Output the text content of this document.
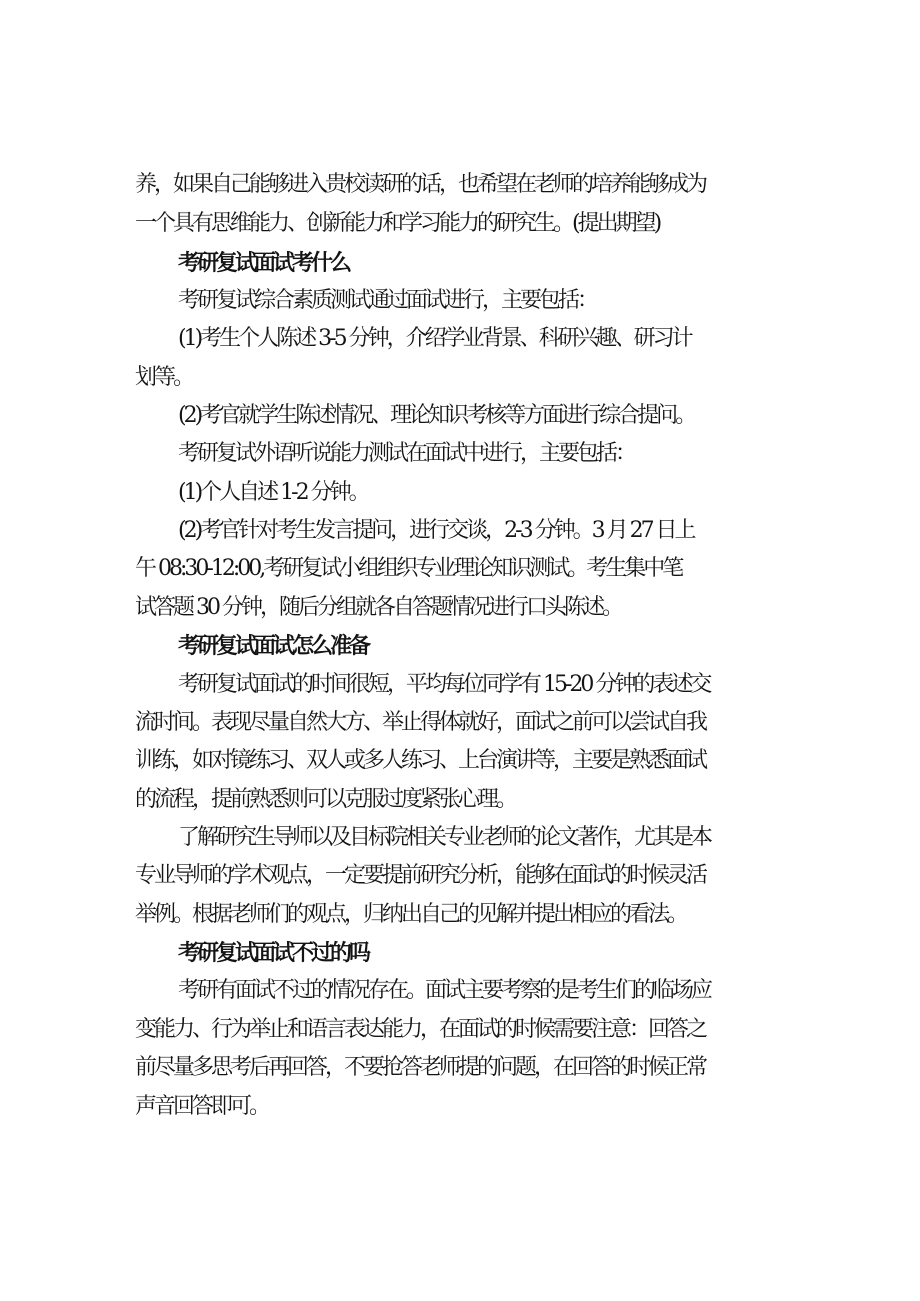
养，如果自己能够进入贵校读研的话，也希望在老师的培养能够成为
一个具有思维能力、创新能力和学习能力的研究生。(提出期望)
考研复试面试考什么
考研复试综合素质测试通过面试进行，主要包括：
(1)考生个人陈述 3-5 分钟，介绍学业背景、科研兴趣、研习计
划等。
(2)考官就学生陈述情况、理论知识考核等方面进行综合提问。
考研复试外语听说能力测试在面试中进行，主要包括：
(1)个人自述 1-2 分钟。
(2)考官针对考生发言提问，进行交谈，2-3 分钟。3 月 27 日上
午 08:30-12:00,考研复试小组组织专业理论知识测试。考生集中笔
试答题 30 分钟，随后分组就各自答题情况进行口头陈述。
考研复试面试怎么准备
考研复试面试的时间很短，平均每位同学有 15-20 分钟的表述交
流时间。表现尽量自然大方、举止得体就好，面试之前可以尝试自我
训练，如对镜练习、双人或多人练习、上台演讲等，主要是熟悉面试
的流程，提前熟悉则可以克服过度紧张心理。
了解研究生导师以及目标院相关专业老师的论文著作，尤其是本
专业导师的学术观点，一定要提前研究分析，能够在面试的时候灵活
举例。根据老师们的观点，归纳出自己的见解并提出相应的看法。
考研复试面试不过的吗
考研有面试不过的情况存在。面试主要考察的是考生们的临场应
变能力、行为举止和语言表达能力，在面试的时候需要注意：回答之
前尽量多思考后再回答，不要抢答老师提的问题，在回答的时候正常
声音回答即可。
